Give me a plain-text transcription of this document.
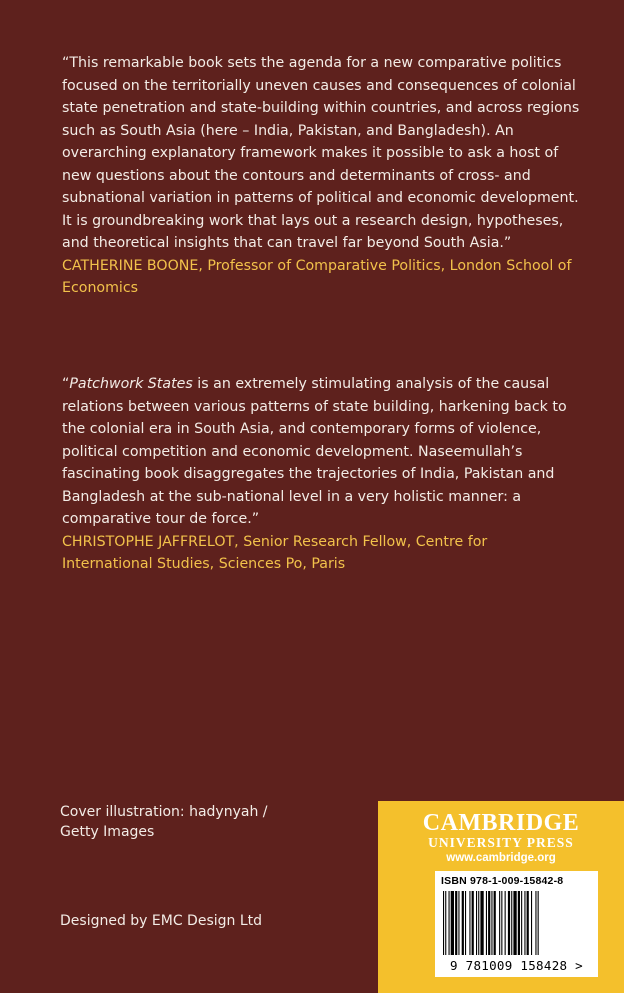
“This remarkable book sets the agenda for a new comparative politics focused on the territorially uneven causes and consequences of colonial state penetration and state-building within countries, and across regions such as South Asia (here – India, Pakistan, and Bangladesh). An overarching explanatory framework makes it possible to ask a host of new questions about the contours and determinants of cross- and subnational variation in patterns of political and economic development. It is groundbreaking work that lays out a research design, hypotheses, and theoretical insights that can travel far beyond South Asia.”
CATHERINE BOONE, Professor of Comparative Politics, London School of Economics

“Patchwork States is an extremely stimulating analysis of the causal relations between various patterns of state building, harkening back to the colonial era in South Asia, and contemporary forms of violence, political competition and economic development. Naseemullah’s fascinating book disaggregates the trajectories of India, Pakistan and Bangladesh at the sub-national level in a very holistic manner: a comparative tour de force.”
CHRISTOPHE JAFFRELOT, Senior Research Fellow, Centre for International Studies, Sciences Po, Paris

Cover illustration: hadynyah / Getty Images

Designed by EMC Design Ltd

CAMBRIDGE
UNIVERSITY PRESS
www.cambridge.org
ISBN 978-1-009-15842-8
9 781009 158428 >
